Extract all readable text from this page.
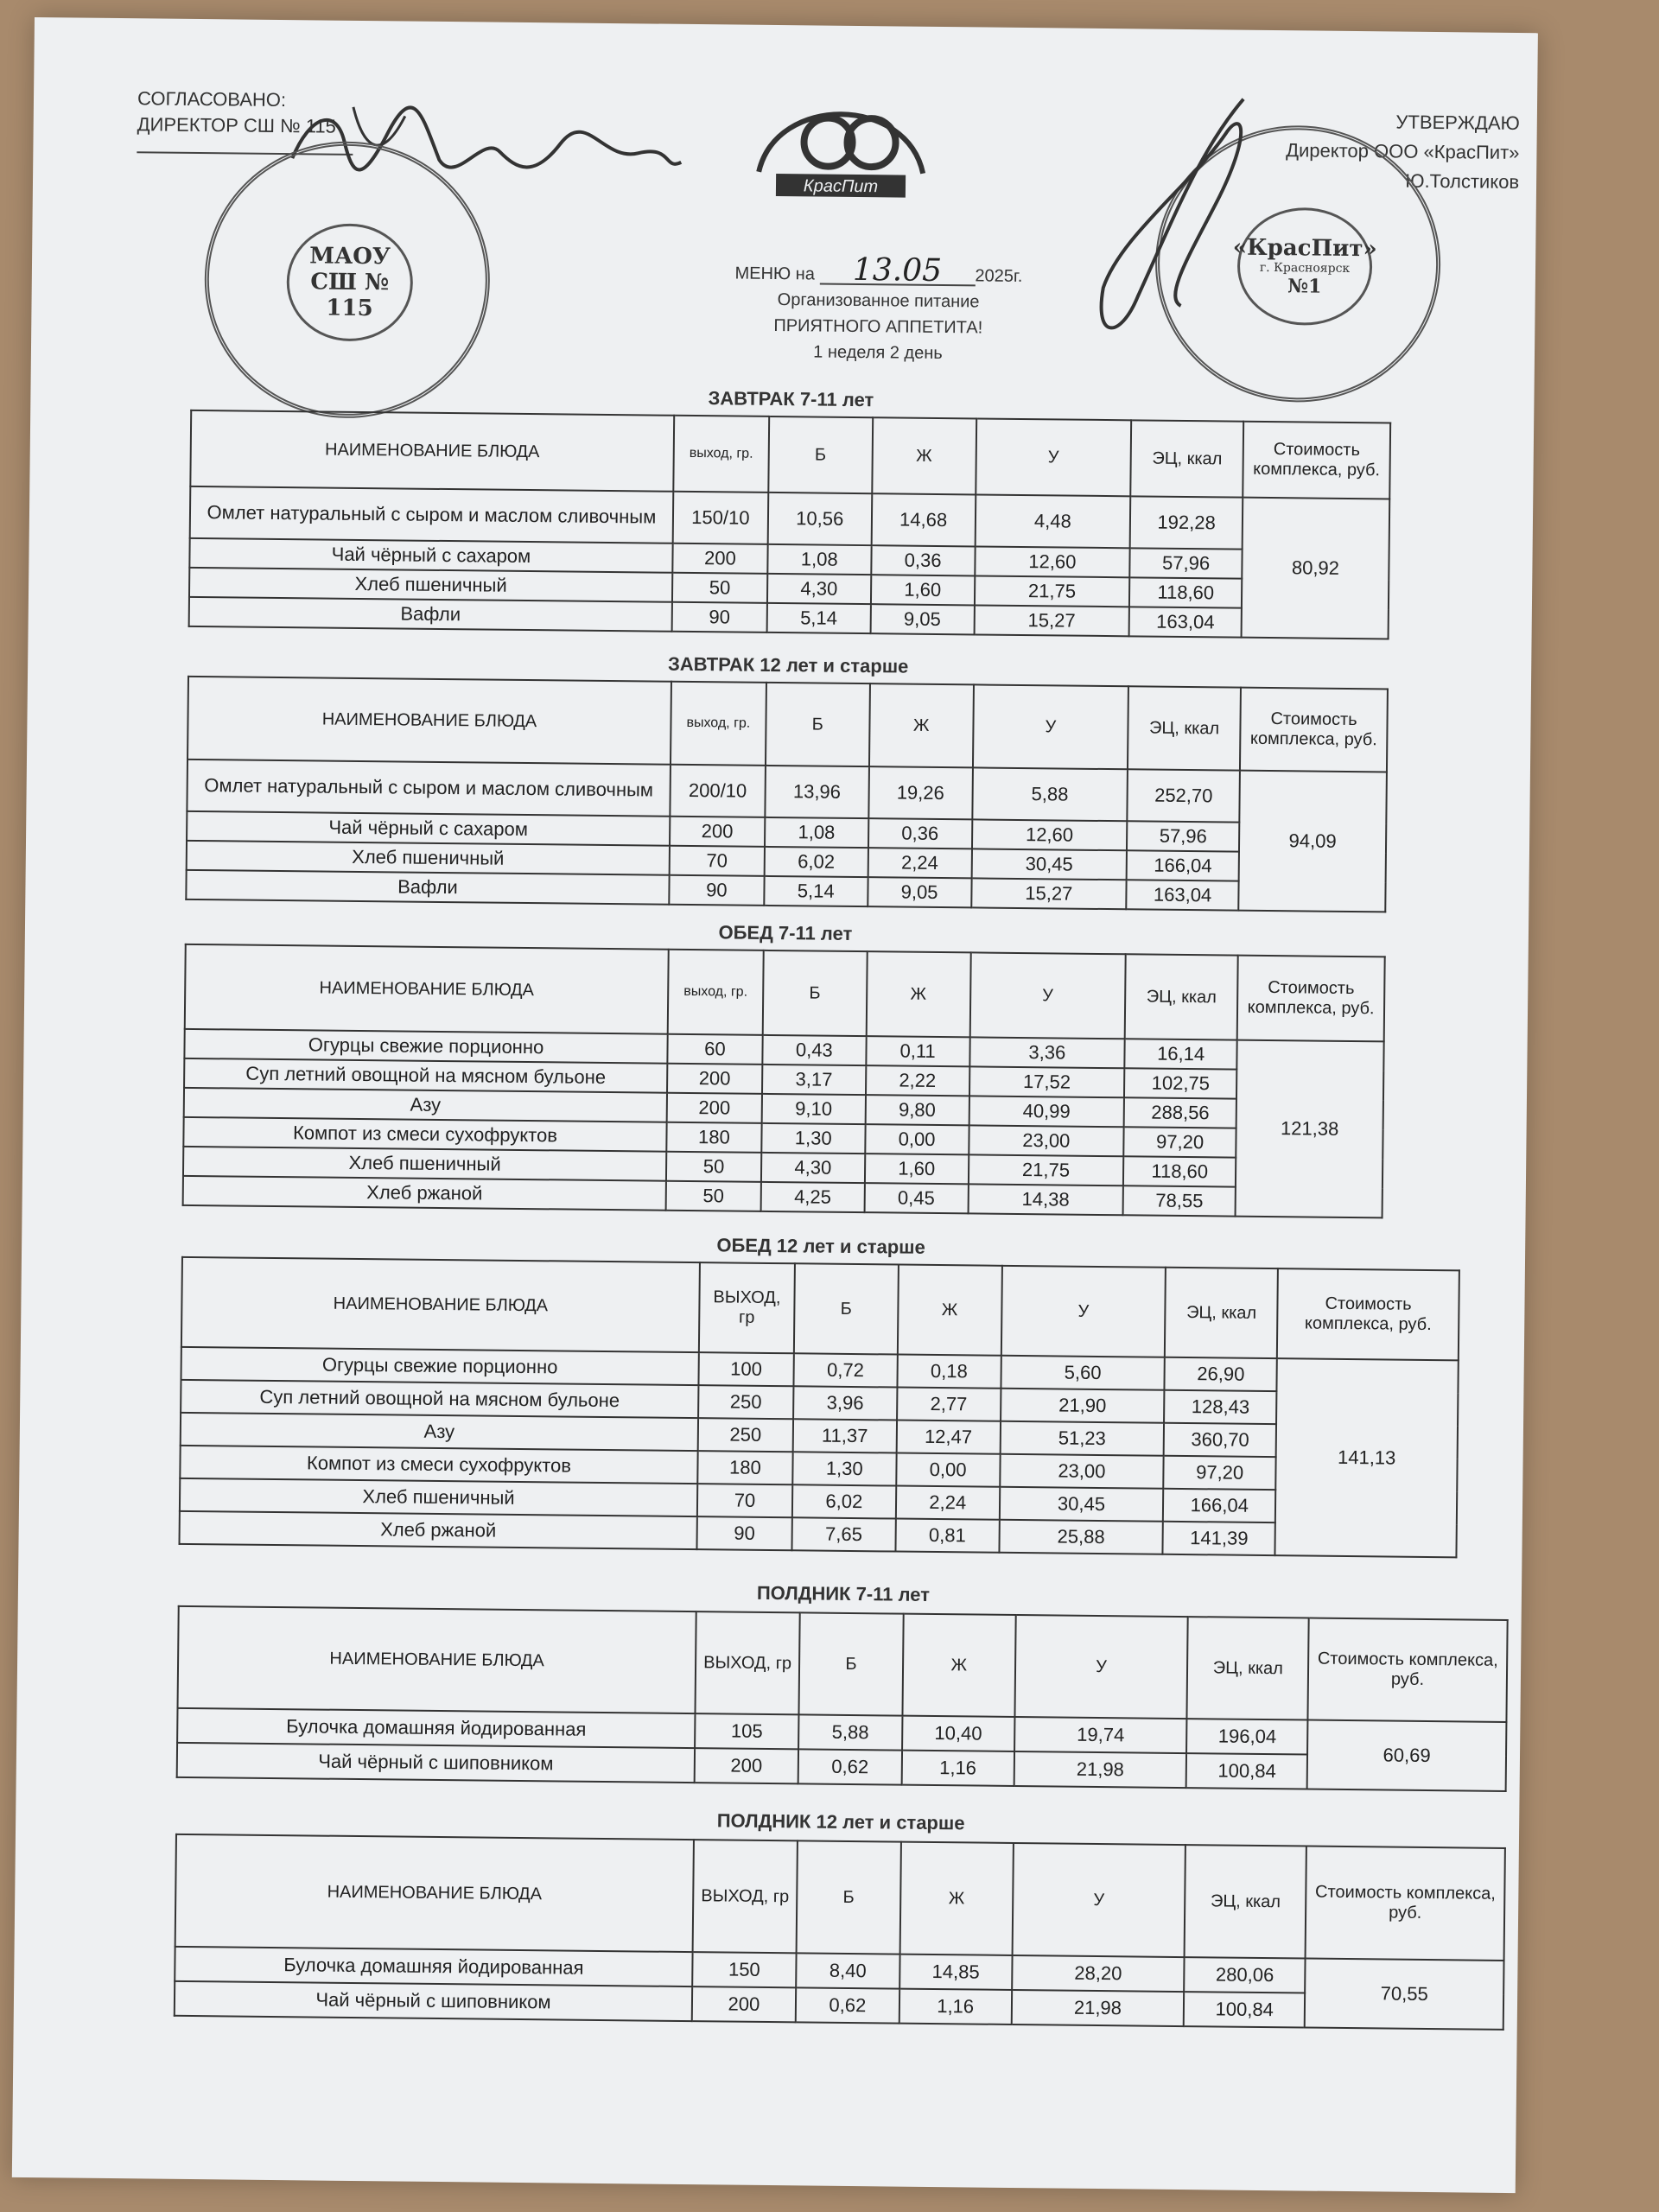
СОГЛАСОВАНО:
ДИРЕКТОР СШ № 115
МАОУ СШ № 115
КрасПит
УТВЕРЖДАЮ
Директор ООО «КрасПит»
Ю.Толстиков
«КрасПит»
г. Красноярск
№1
МЕНЮ на 13.05 2025г.
Организованное питание
ПРИЯТНОГО АППЕТИТА!
1 неделя 2 день
ЗАВТРАК 7-11 лет
НАИМЕНОВАНИЕ БЛЮДА	выход, гр.	Б	Ж	У	ЭЦ, ккал	Стоимость комплекса, руб.
Омлет натуральный с сыром и маслом сливочным	150/10	10,56	14,68	4,48	192,28	80,92
Чай чёрный с сахаром	200	1,08	0,36	12,60	57,96	
Хлеб пшеничный	50	4,30	1,60	21,75	118,60	
Вафли	90	5,14	9,05	15,27	163,04	
ЗАВТРАК 12 лет и старше
НАИМЕНОВАНИЕ БЛЮДА	выход, гр.	Б	Ж	У	ЭЦ, ккал	Стоимость комплекса, руб.
Омлет натуральный с сыром и маслом сливочным	200/10	13,96	19,26	5,88	252,70	94,09
Чай чёрный с сахаром	200	1,08	0,36	12,60	57,96	
Хлеб пшеничный	70	6,02	2,24	30,45	166,04	
Вафли	90	5,14	9,05	15,27	163,04	
ОБЕД 7-11 лет
НАИМЕНОВАНИЕ БЛЮДА	выход, гр.	Б	Ж	У	ЭЦ, ккал	Стоимость комплекса, руб.
Огурцы свежие порционно	60	0,43	0,11	3,36	16,14	121,38
Суп летний овощной на мясном бульоне	200	3,17	2,22	17,52	102,75	
Азу	200	9,10	9,80	40,99	288,56	
Компот из смеси сухофруктов	180	1,30	0,00	23,00	97,20	
Хлеб пшеничный	50	4,30	1,60	21,75	118,60	
Хлеб ржаной	50	4,25	0,45	14,38	78,55	
ОБЕД 12 лет и старше
НАИМЕНОВАНИЕ БЛЮДА	ВЫХОД, гр	Б	Ж	У	ЭЦ, ккал	Стоимость комплекса, руб.
Огурцы свежие порционно	100	0,72	0,18	5,60	26,90	141,13
Суп летний овощной на мясном бульоне	250	3,96	2,77	21,90	128,43	
Азу	250	11,37	12,47	51,23	360,70	
Компот из смеси сухофруктов	180	1,30	0,00	23,00	97,20	
Хлеб пшеничный	70	6,02	2,24	30,45	166,04	
Хлеб ржаной	90	7,65	0,81	25,88	141,39	
ПОЛДНИК 7-11 лет
НАИМЕНОВАНИЕ БЛЮДА	ВЫХОД, гр	Б	Ж	У	ЭЦ, ккал	Стоимость комплекса, руб.
Булочка домашняя йодированная	105	5,88	10,40	19,74	196,04	60,69
Чай чёрный с шиповником	200	0,62	1,16	21,98	100,84	
ПОЛДНИК 12 лет и старше
НАИМЕНОВАНИЕ БЛЮДА	ВЫХОД, гр	Б	Ж	У	ЭЦ, ккал	Стоимость комплекса, руб.
Булочка домашняя йодированная	150	8,40	14,85	28,20	280,06	70,55
Чай чёрный с шиповником	200	0,62	1,16	21,98	100,84	
